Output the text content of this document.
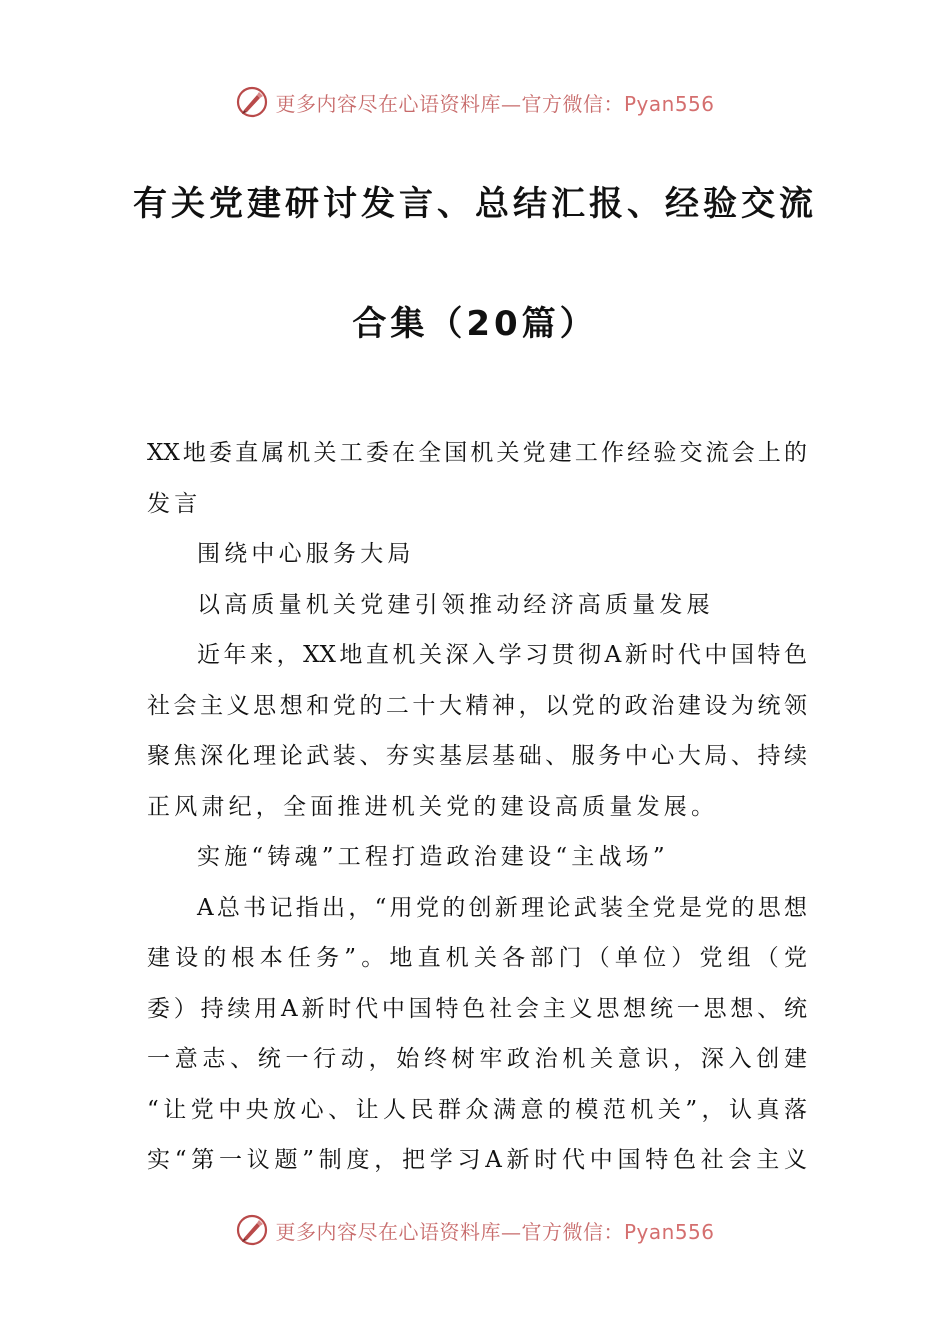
更多内容尽在心语资料库—官方微信：Pyan556
有关党建研讨发言、总结汇报、经验交流
合集（20篇）
XX地委直属机关工委在全国机关党建工作经验交流会上的
发言
围绕中心服务大局
以高质量机关党建引领推动经济高质量发展
近年来，XX地直机关深入学习贯彻A新时代中国特色
社会主义思想和党的二十大精神，以党的政治建设为统领
聚焦深化理论武装、夯实基层基础、服务中心大局、持续
正风肃纪，全面推进机关党的建设高质量发展。
实施“铸魂”工程打造政治建设“主战场”
A总书记指出，“用党的创新理论武装全党是党的思想
建设的根本任务”。地直机关各部门（单位）党组（党
委）持续用A新时代中国特色社会主义思想统一思想、统
一意志、统一行动，始终树牢政治机关意识，深入创建
“让党中央放心、让人民群众满意的模范机关”，认真落
实“第一议题”制度，把学习A新时代中国特色社会主义
更多内容尽在心语资料库—官方微信：Pyan556
